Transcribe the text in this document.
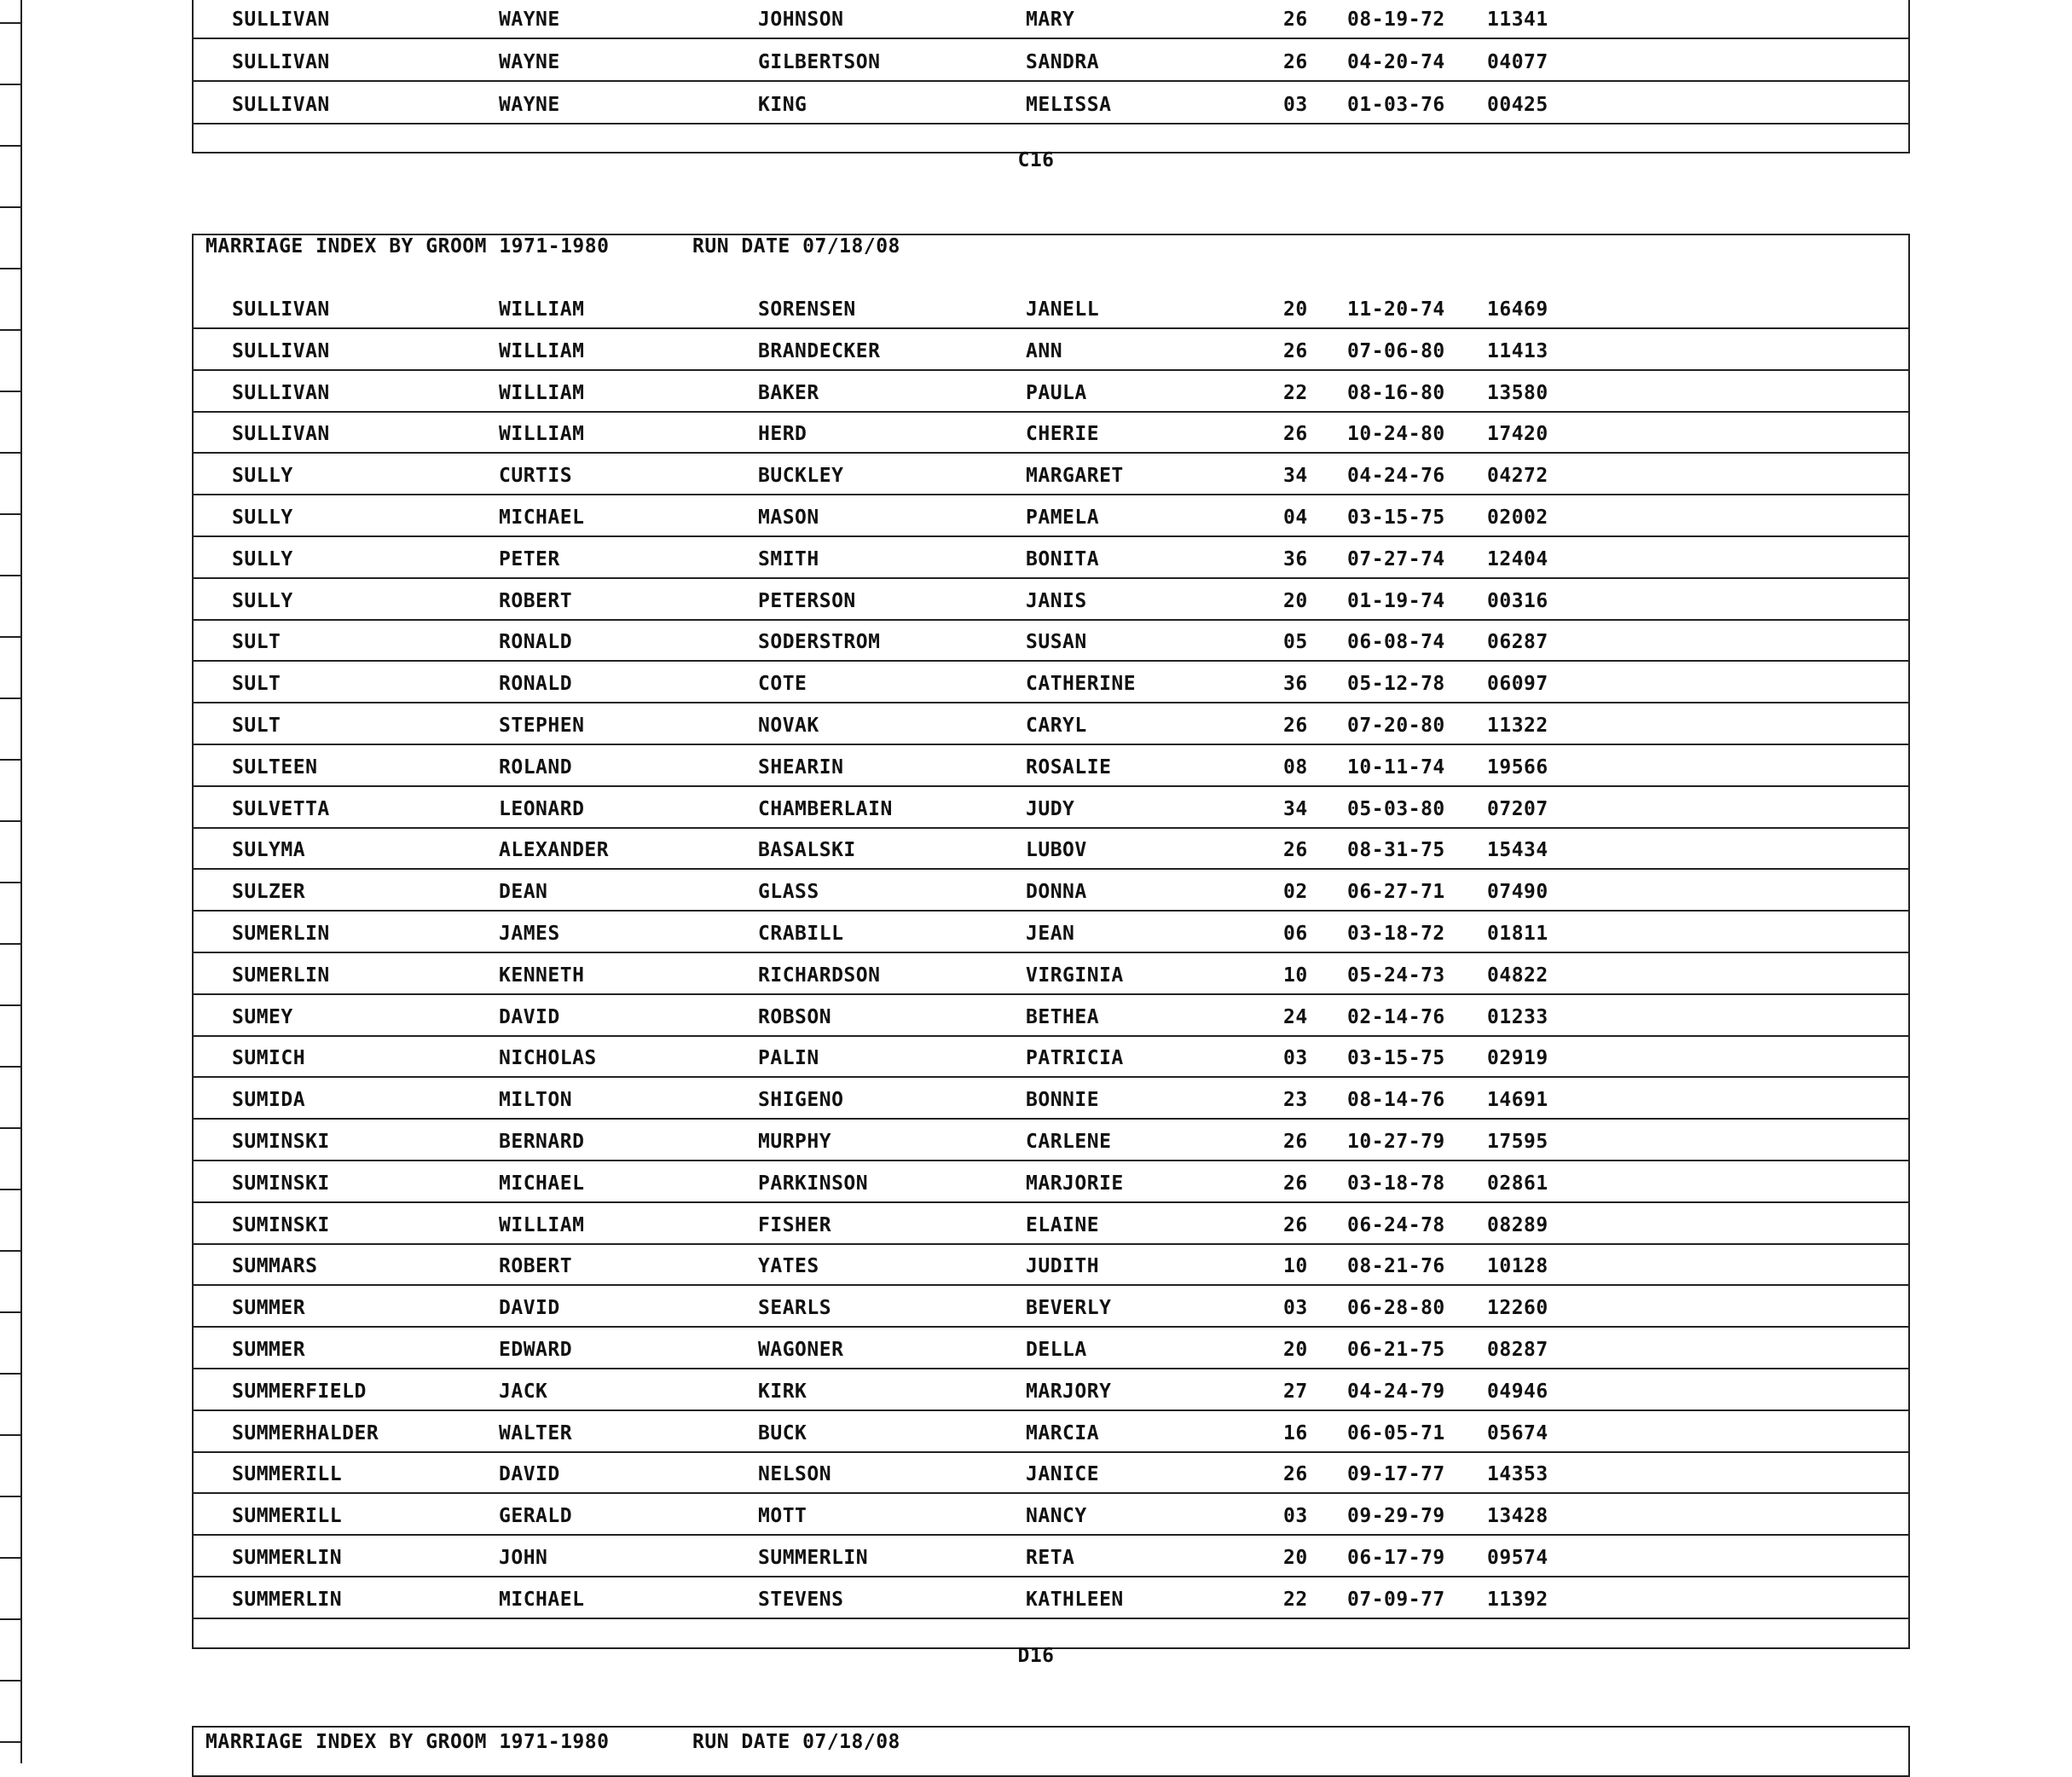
SULLIVAN	WAYNE	JOHNSON	MARY	26 08-19-72 11341
SULLIVAN	WAYNE	GILBERTSON	SANDRA	26 04-20-74 04077
SULLIVAN	WAYNE	KING	MELISSA	03 01-03-76 00425
C16
MARRIAGE INDEX BY GROOM 1971-1980	RUN DATE 07/18/08
SULLIVAN	WILLIAM	SORENSEN	JANELL	20 11-20-74 16469
SULLIVAN	WILLIAM	BRANDECKER	ANN	26 07-06-80 11413
SULLIVAN	WILLIAM	BAKER	PAULA	22 08-16-80 13580
SULLIVAN	WILLIAM	HERD	CHERIE	26 10-24-80 17420
SULLY	CURTIS	BUCKLEY	MARGARET	34 04-24-76 04272
SULLY	MICHAEL	MASON	PAMELA	04 03-15-75 02002
SULLY	PETER	SMITH	BONITA	36 07-27-74 12404
SULLY	ROBERT	PETERSON	JANIS	20 01-19-74 00316
SULT	RONALD	SODERSTROM	SUSAN	05 06-08-74 06287
SULT	RONALD	COTE	CATHERINE	36 05-12-78 06097
SULT	STEPHEN	NOVAK	CARYL	26 07-20-80 11322
SULTEEN	ROLAND	SHEARIN	ROSALIE	08 10-11-74 19566
SULVETTA	LEONARD	CHAMBERLAIN	JUDY	34 05-03-80 07207
SULYMA	ALEXANDER	BASALSKI	LUBOV	26 08-31-75 15434
SULZER	DEAN	GLASS	DONNA	02 06-27-71 07490
SUMERLIN	JAMES	CRABILL	JEAN	06 03-18-72 01811
SUMERLIN	KENNETH	RICHARDSON	VIRGINIA	10 05-24-73 04822
SUMEY	DAVID	ROBSON	BETHEA	24 02-14-76 01233
SUMICH	NICHOLAS	PALIN	PATRICIA	03 03-15-75 02919
SUMIDA	MILTON	SHIGENO	BONNIE	23 08-14-76 14691
SUMINSKI	BERNARD	MURPHY	CARLENE	26 10-27-79 17595
SUMINSKI	MICHAEL	PARKINSON	MARJORIE	26 03-18-78 02861
SUMINSKI	WILLIAM	FISHER	ELAINE	26 06-24-78 08289
SUMMARS	ROBERT	YATES	JUDITH	10 08-21-76 10128
SUMMER	DAVID	SEARLS	BEVERLY	03 06-28-80 12260
SUMMER	EDWARD	WAGONER	DELLA	20 06-21-75 08287
SUMMERFIELD	JACK	KIRK	MARJORY	27 04-24-79 04946
SUMMERHALDER	WALTER	BUCK	MARCIA	16 06-05-71 05674
SUMMERILL	DAVID	NELSON	JANICE	26 09-17-77 14353
SUMMERILL	GERALD	MOTT	NANCY	03 09-29-79 13428
SUMMERLIN	JOHN	SUMMERLIN	RETA	20 06-17-79 09574
SUMMERLIN	MICHAEL	STEVENS	KATHLEEN	22 07-09-77 11392
D16
MARRIAGE INDEX BY GROOM 1971-1980	RUN DATE 07/18/08
